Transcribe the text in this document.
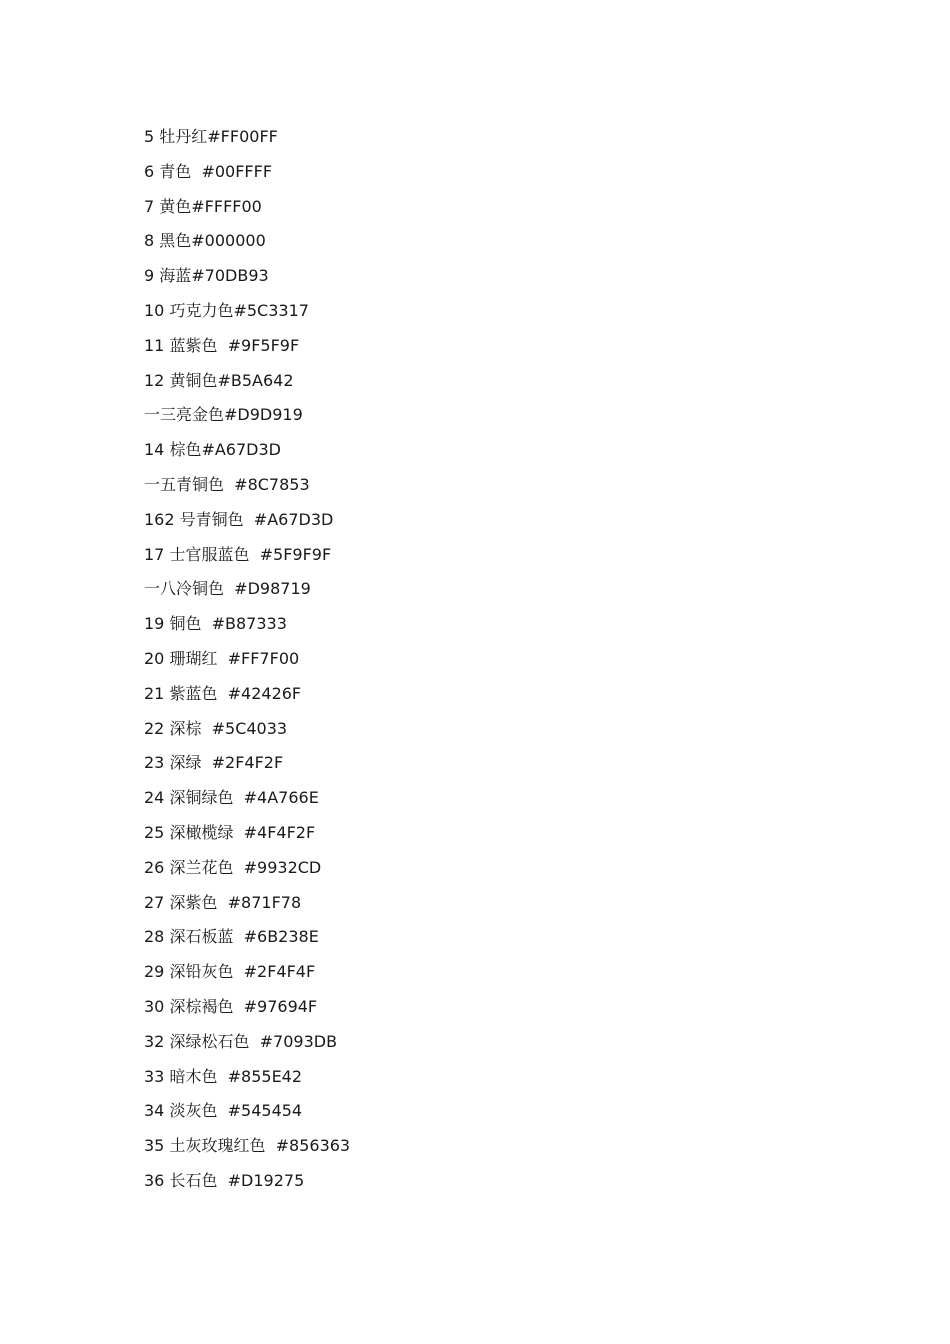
5 牡丹红#FF00FF
6 青色  #00FFFF
7 黄色#FFFF00
8 黑色#000000
9 海蓝#70DB93
10 巧克力色#5C3317
11 蓝紫色  #9F5F9F
12 黄铜色#B5A642
一三亮金色#D9D919
14 棕色#A67D3D
一五青铜色  #8C7853
162 号青铜色  #A67D3D
17 士官服蓝色  #5F9F9F
一八冷铜色  #D98719
19 铜色  #B87333
20 珊瑚红  #FF7F00
21 紫蓝色  #42426F
22 深棕  #5C4033
23 深绿  #2F4F2F
24 深铜绿色  #4A766E
25 深橄榄绿  #4F4F2F
26 深兰花色  #9932CD
27 深紫色  #871F78
28 深石板蓝  #6B238E
29 深铅灰色  #2F4F4F
30 深棕褐色  #97694F
32 深绿松石色  #7093DB
33 暗木色  #855E42
34 淡灰色  #545454
35 土灰玫瑰红色  #856363
36 长石色  #D19275
